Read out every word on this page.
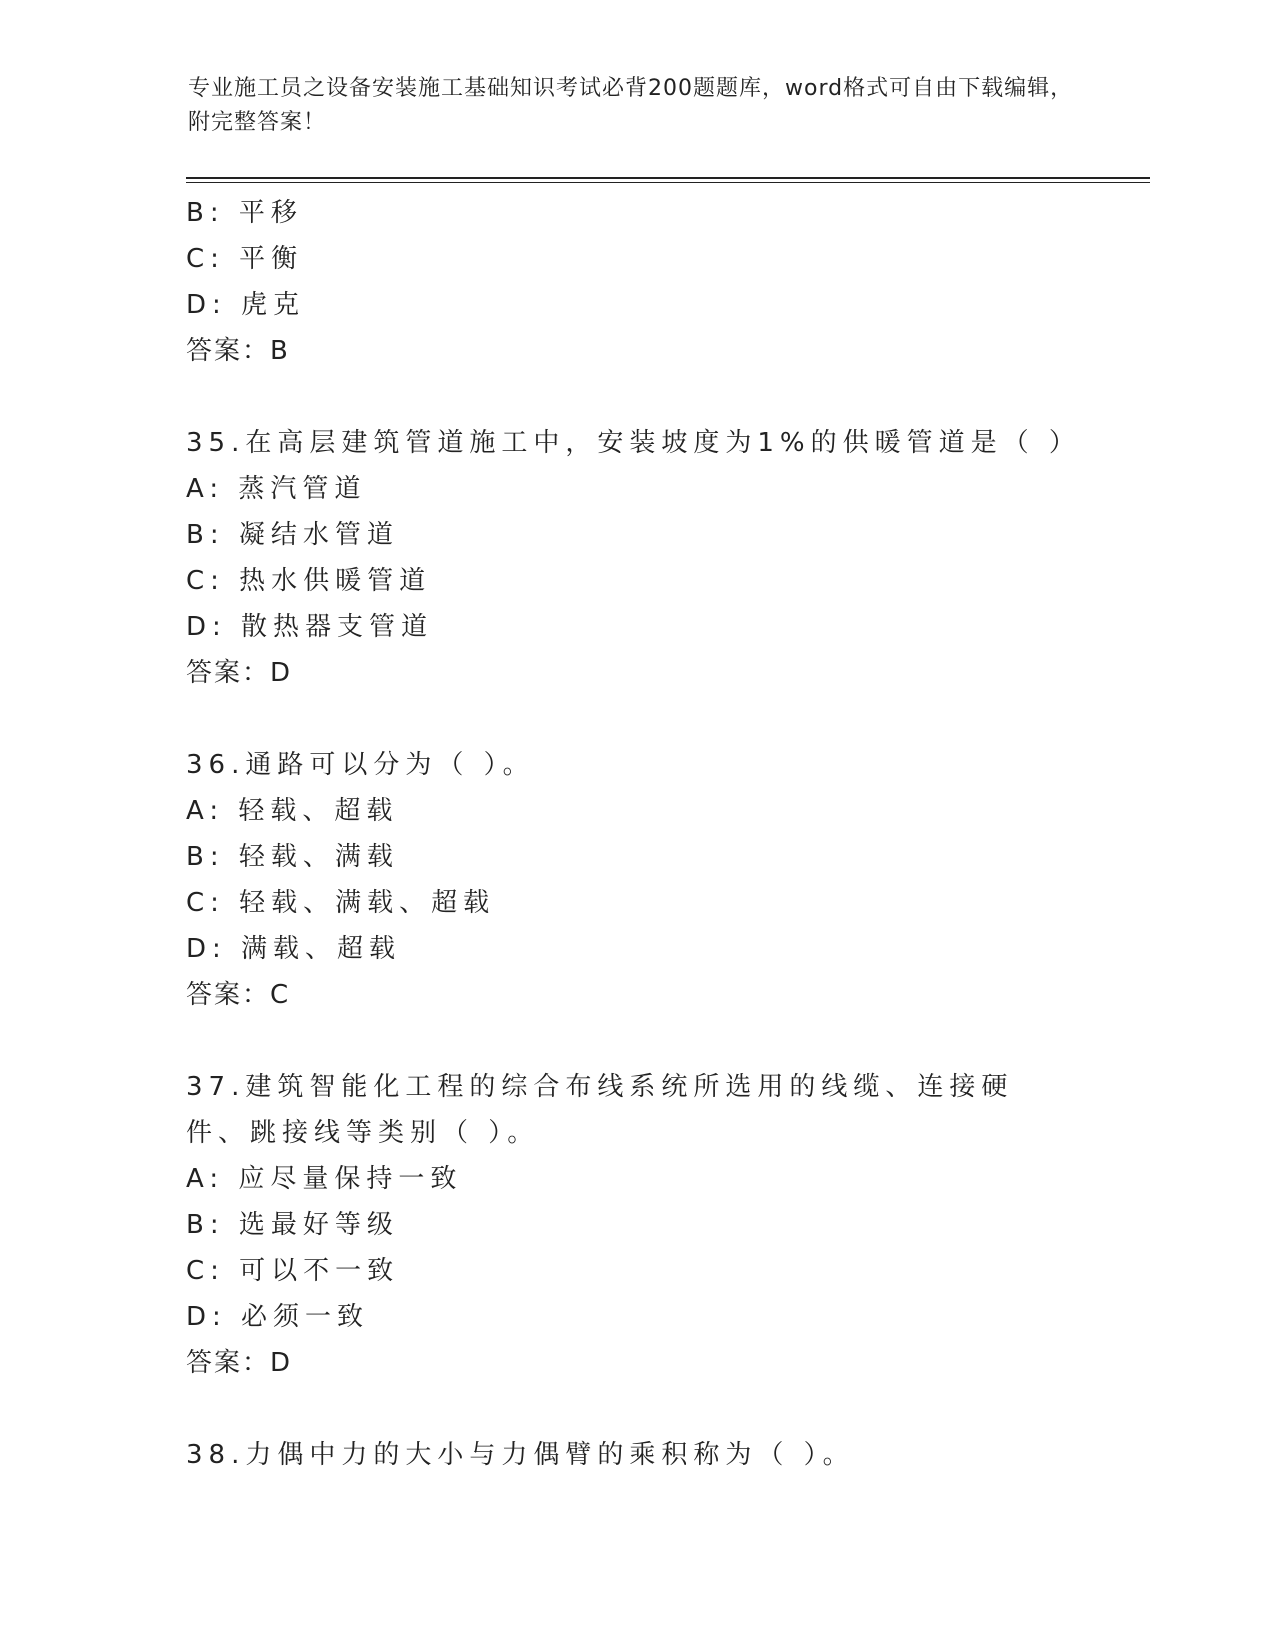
专业施工员之设备安装施工基础知识考试必背200题题库，word格式可自由下载编辑，附完整答案！
B: 平移
C: 平衡
D: 虎克
答案：B
35.在高层建筑管道施工中，安装坡度为1%的供暖管道是（ ）
A: 蒸汽管道
B: 凝结水管道
C: 热水供暖管道
D: 散热器支管道
答案：D
36.通路可以分为（ ）。
A: 轻载、超载
B: 轻载、满载
C: 轻载、满载、超载
D: 满载、超载
答案：C
37.建筑智能化工程的综合布线系统所选用的线缆、连接硬件、跳接线等类别（ ）。
A: 应尽量保持一致
B: 选最好等级
C: 可以不一致
D: 必须一致
答案：D
38.力偶中力的大小与力偶臂的乘积称为（ ）。
